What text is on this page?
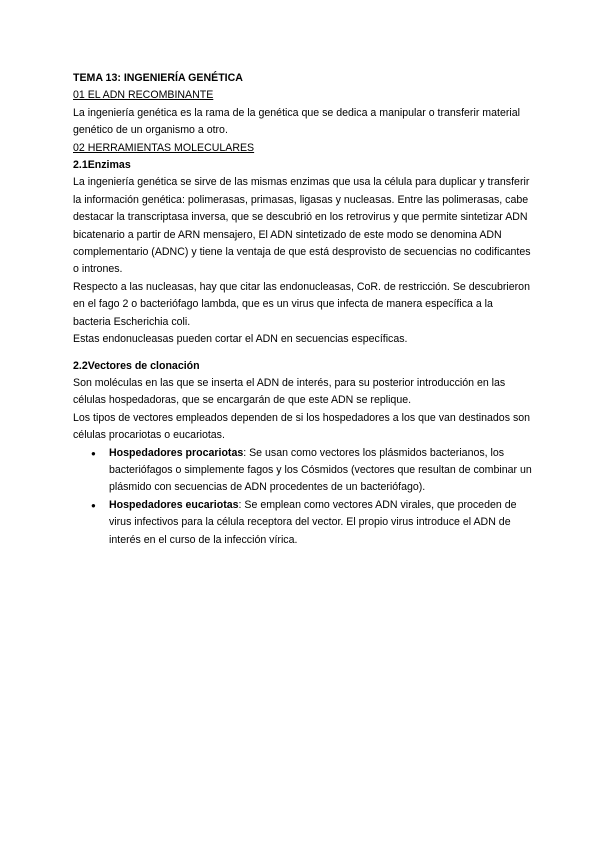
TEMA 13: INGENIERÍA GENÉTICA

01 EL ADN RECOMBINANTE

La ingeniería genética es la rama de la genética que se dedica a manipular o transferir material genético de un organismo a otro.

02 HERRAMIENTAS MOLECULARES

2.1Enzimas

La ingeniería genética se sirve de las mismas enzimas que usa la célula para duplicar y transferir la información genética: polimerasas, primasas, ligasas y nucleasas. Entre las polimerasas, cabe destacar la transcriptasa inversa, que se descubrió en los retrovirus y que permite sintetizar ADN bicatenario a partir de ARN mensajero, El ADN sintetizado de este modo se denomina ADN complementario (ADNC) y tiene la ventaja de que está desprovisto de secuencias no codificantes o intrones.

Respecto a las nucleasas, hay que citar las endonucleasas, CoR. de restricción. Se descubrieron en el fago 2 o bacteriófago lambda, que es un virus que infecta de manera específica a la bacteria Escherichia coli.

Estas endonucleasas pueden cortar el ADN en secuencias específicas.

2.2Vectores de clonación

Son moléculas en las que se inserta el ADN de interés, para su posterior introducción en las células hospedadoras, que se encargarán de que este ADN se replique.

Los tipos de vectores empleados dependen de si los hospedadores a los que van destinados son células procariotas o eucariotas.

● Hospedadores procariotas: Se usan como vectores los plásmidos bacterianos, los bacteriófagos o simplemente fagos y los Cósmidos (vectores que resultan de combinar un plásmido con secuencias de ADN procedentes de un bacteriófago).
● Hospedadores eucariotas: Se emplean como vectores ADN virales, que proceden de virus infectivos para la célula receptora del vector. El propio virus introduce el ADN de interés en el curso de la infección vírica.
